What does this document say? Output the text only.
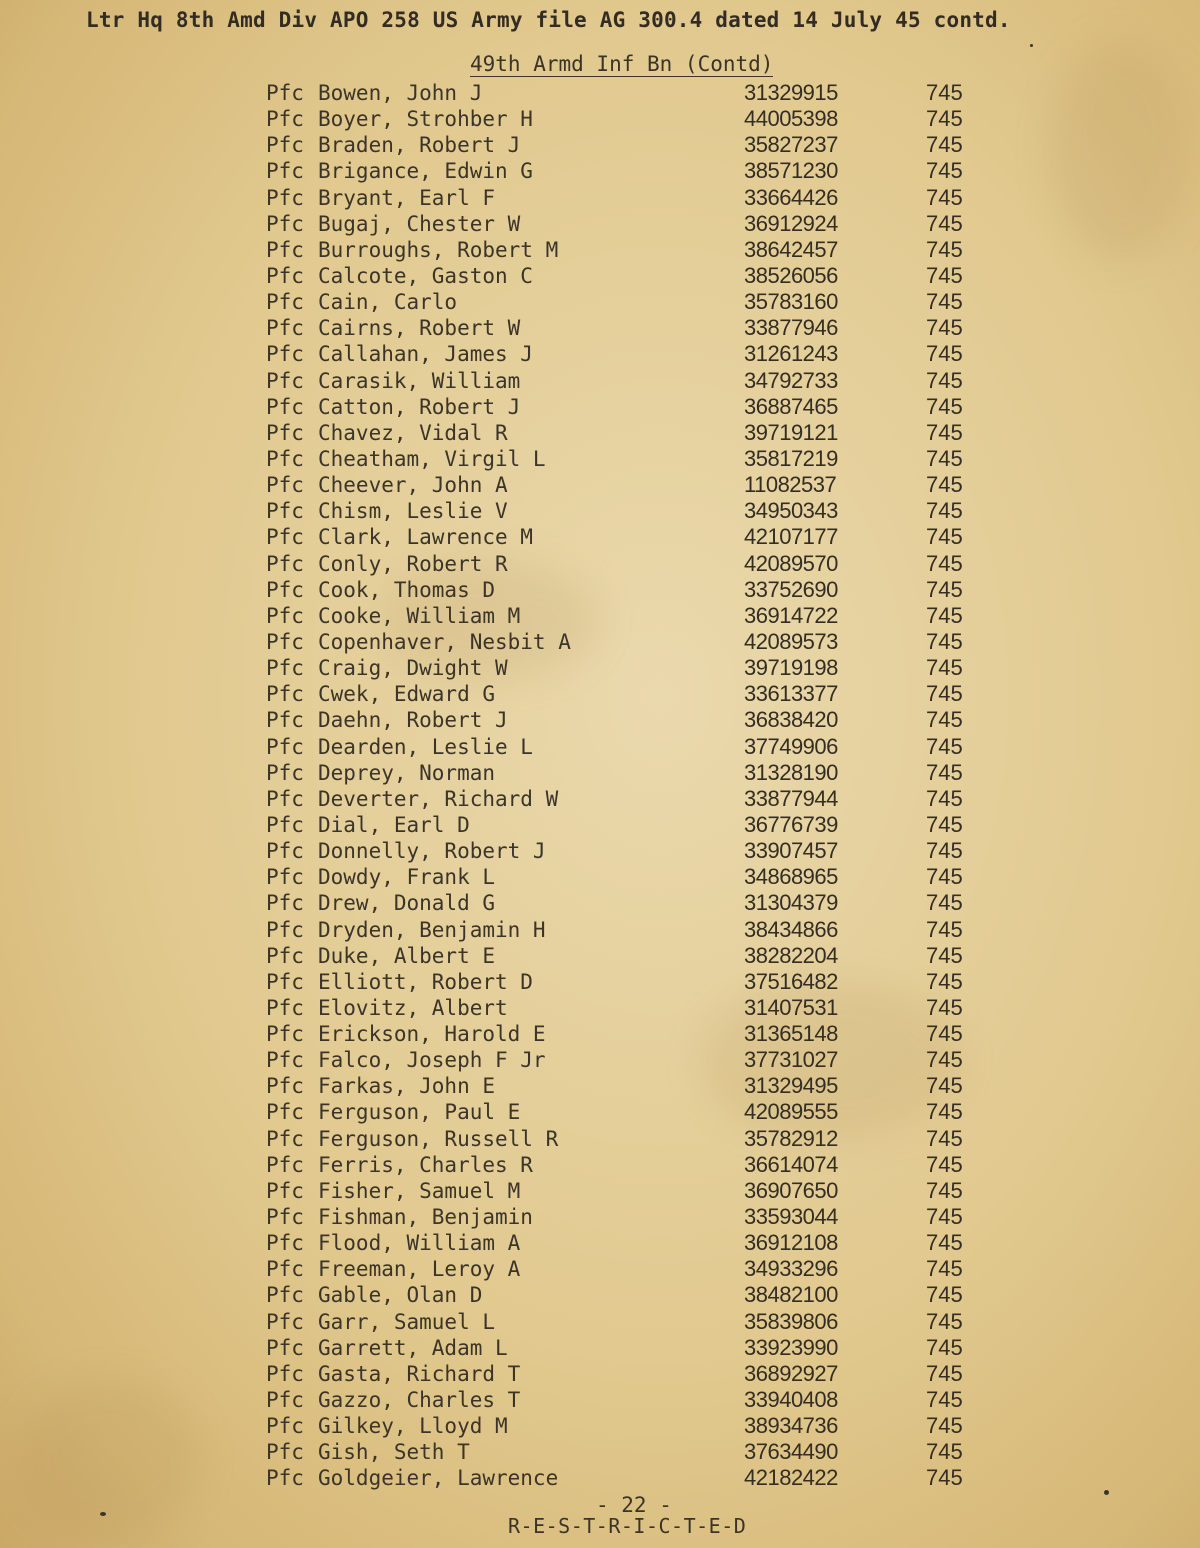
Ltr Hq 8th Amd Div APO 258 US Army file AG 300.4 dated 14 July 45 contd.
49th Armd Inf Bn (Contd)
Pfc Bowen, John J	31329915	745
Pfc Boyer, Strohber H	44005398	745
Pfc Braden, Robert J	35827237	745
Pfc Brigance, Edwin G	38571230	745
Pfc Bryant, Earl F	33664426	745
Pfc Bugaj, Chester W	36912924	745
Pfc Burroughs, Robert M	38642457	745
Pfc Calcote, Gaston C	38526056	745
Pfc Cain, Carlo	35783160	745
Pfc Cairns, Robert W	33877946	745
Pfc Callahan, James J	31261243	745
Pfc Carasik, William	34792733	745
Pfc Catton, Robert J	36887465	745
Pfc Chavez, Vidal R	39719121	745
Pfc Cheatham, Virgil L	35817219	745
Pfc Cheever, John A	11082537	745
Pfc Chism, Leslie V	34950343	745
Pfc Clark, Lawrence M	42107177	745
Pfc Conly, Robert R	42089570	745
Pfc Cook, Thomas D	33752690	745
Pfc Cooke, William M	36914722	745
Pfc Copenhaver, Nesbit A	42089573	745
Pfc Craig, Dwight W	39719198	745
Pfc Cwek, Edward G	33613377	745
Pfc Daehn, Robert J	36838420	745
Pfc Dearden, Leslie L	37749906	745
Pfc Deprey, Norman	31328190	745
Pfc Deverter, Richard W	33877944	745
Pfc Dial, Earl D	36776739	745
Pfc Donnelly, Robert J	33907457	745
Pfc Dowdy, Frank L	34868965	745
Pfc Drew, Donald G	31304379	745
Pfc Dryden, Benjamin H	38434866	745
Pfc Duke, Albert E	38282204	745
Pfc Elliott, Robert D	37516482	745
Pfc Elovitz, Albert	31407531	745
Pfc Erickson, Harold E	31365148	745
Pfc Falco, Joseph F Jr	37731027	745
Pfc Farkas, John E	31329495	745
Pfc Ferguson, Paul E	42089555	745
Pfc Ferguson, Russell R	35782912	745
Pfc Ferris, Charles R	36614074	745
Pfc Fisher, Samuel M	36907650	745
Pfc Fishman, Benjamin	33593044	745
Pfc Flood, William A	36912108	745
Pfc Freeman, Leroy A	34933296	745
Pfc Gable, Olan D	38482100	745
Pfc Garr, Samuel L	35839806	745
Pfc Garrett, Adam L	33923990	745
Pfc Gasta, Richard T	36892927	745
Pfc Gazzo, Charles T	33940408	745
Pfc Gilkey, Lloyd M	38934736	745
Pfc Gish, Seth T	37634490	745
Pfc Goldgeier, Lawrence	42182422	745
- 22 -
R-E-S-T-R-I-C-T-E-D
